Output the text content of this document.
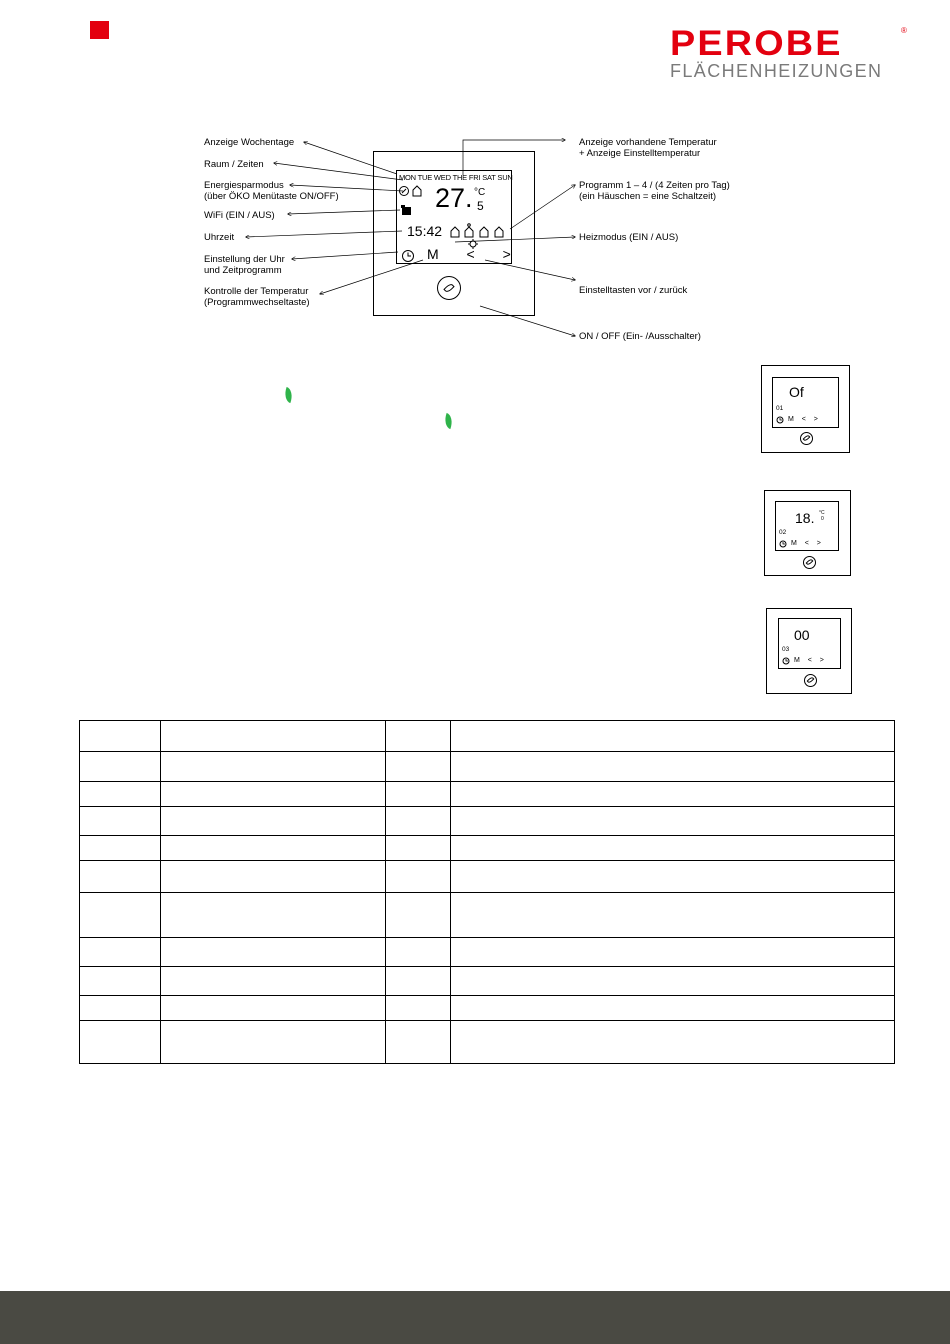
PEROBE	®
FLÄCHENHEIZUNGEN
Anzeige Wochentage
Raum / Zeiten
Energiesparmodus
(über ÖKO Menütaste ON/OFF)
WiFi (EIN / AUS)
Uhrzeit
Einstellung der Uhr
und Zeitprogramm
Kontrolle der Temperatur
(Programmwechseltaste)
Anzeige vorhandene Temperatur
+ Anzeige Einstelltemperatur
Programm 1 – 4 / (4 Zeiten pro Tag)
(ein Häuschen = eine Schaltzeit)
Heizmodus (EIN / AUS)
Einstelltasten vor / zurück
ON / OFF (Ein- /Ausschalter)
MON TUE WED THE FRI SAT SUN
27. °C
5
15:42
M < >
Of
01
M < >
18. °C
0
02
M < >
00
03
M < >
